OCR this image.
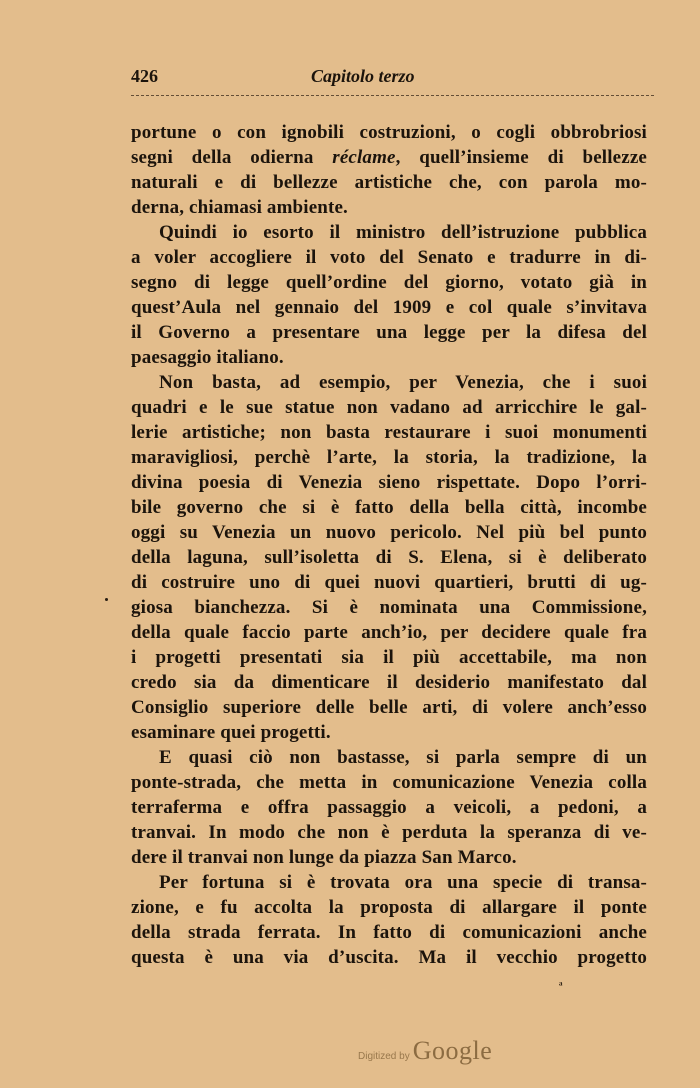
426	Capitolo terzo
portune o con ignobili costruzioni, o cogli obbrobriosi
segni della odierna réclame, quell’insieme di bellezze
naturali e di bellezze artistiche che, con parola mo-
derna, chiamasi ambiente.
Quindi io esorto il ministro dell’istruzione pubblica
a voler accogliere il voto del Senato e tradurre in di-
segno di legge quell’ordine del giorno, votato già in
quest’Aula nel gennaio del 1909 e col quale s’invitava
il Governo a presentare una legge per la difesa del
paesaggio italiano.
Non basta, ad esempio, per Venezia, che i suoi
quadri e le sue statue non vadano ad arricchire le gal-
lerie artistiche; non basta restaurare i suoi monumenti
maravigliosi, perchè l’arte, la storia, la tradizione, la
divina poesia di Venezia sieno rispettate. Dopo l’orri-
bile governo che si è fatto della bella città, incombe
oggi su Venezia un nuovo pericolo. Nel più bel punto
della laguna, sull’isoletta di S. Elena, si è deliberato
di costruire uno di quei nuovi quartieri, brutti di ug-
giosa bianchezza. Si è nominata una Commissione,
della quale faccio parte anch’io, per decidere quale fra
i progetti presentati sia il più accettabile, ma non
credo sia da dimenticare il desiderio manifestato dal
Consiglio superiore delle belle arti, di volere anch’esso
esaminare quei progetti.
E quasi ciò non bastasse, si parla sempre di un
ponte-strada, che metta in comunicazione Venezia colla
terraferma e offra passaggio a veicoli, a pedoni, a
tranvai. In modo che non è perduta la speranza di ve-
dere il tranvai non lunge da piazza San Marco.
Per fortuna si è trovata ora una specie di transa-
zione, e fu accolta la proposta di allargare il ponte
della strada ferrata. In fatto di comunicazioni anche
questa è una via d’uscita. Ma il vecchio progetto
ᵃ
Digitized by Google
